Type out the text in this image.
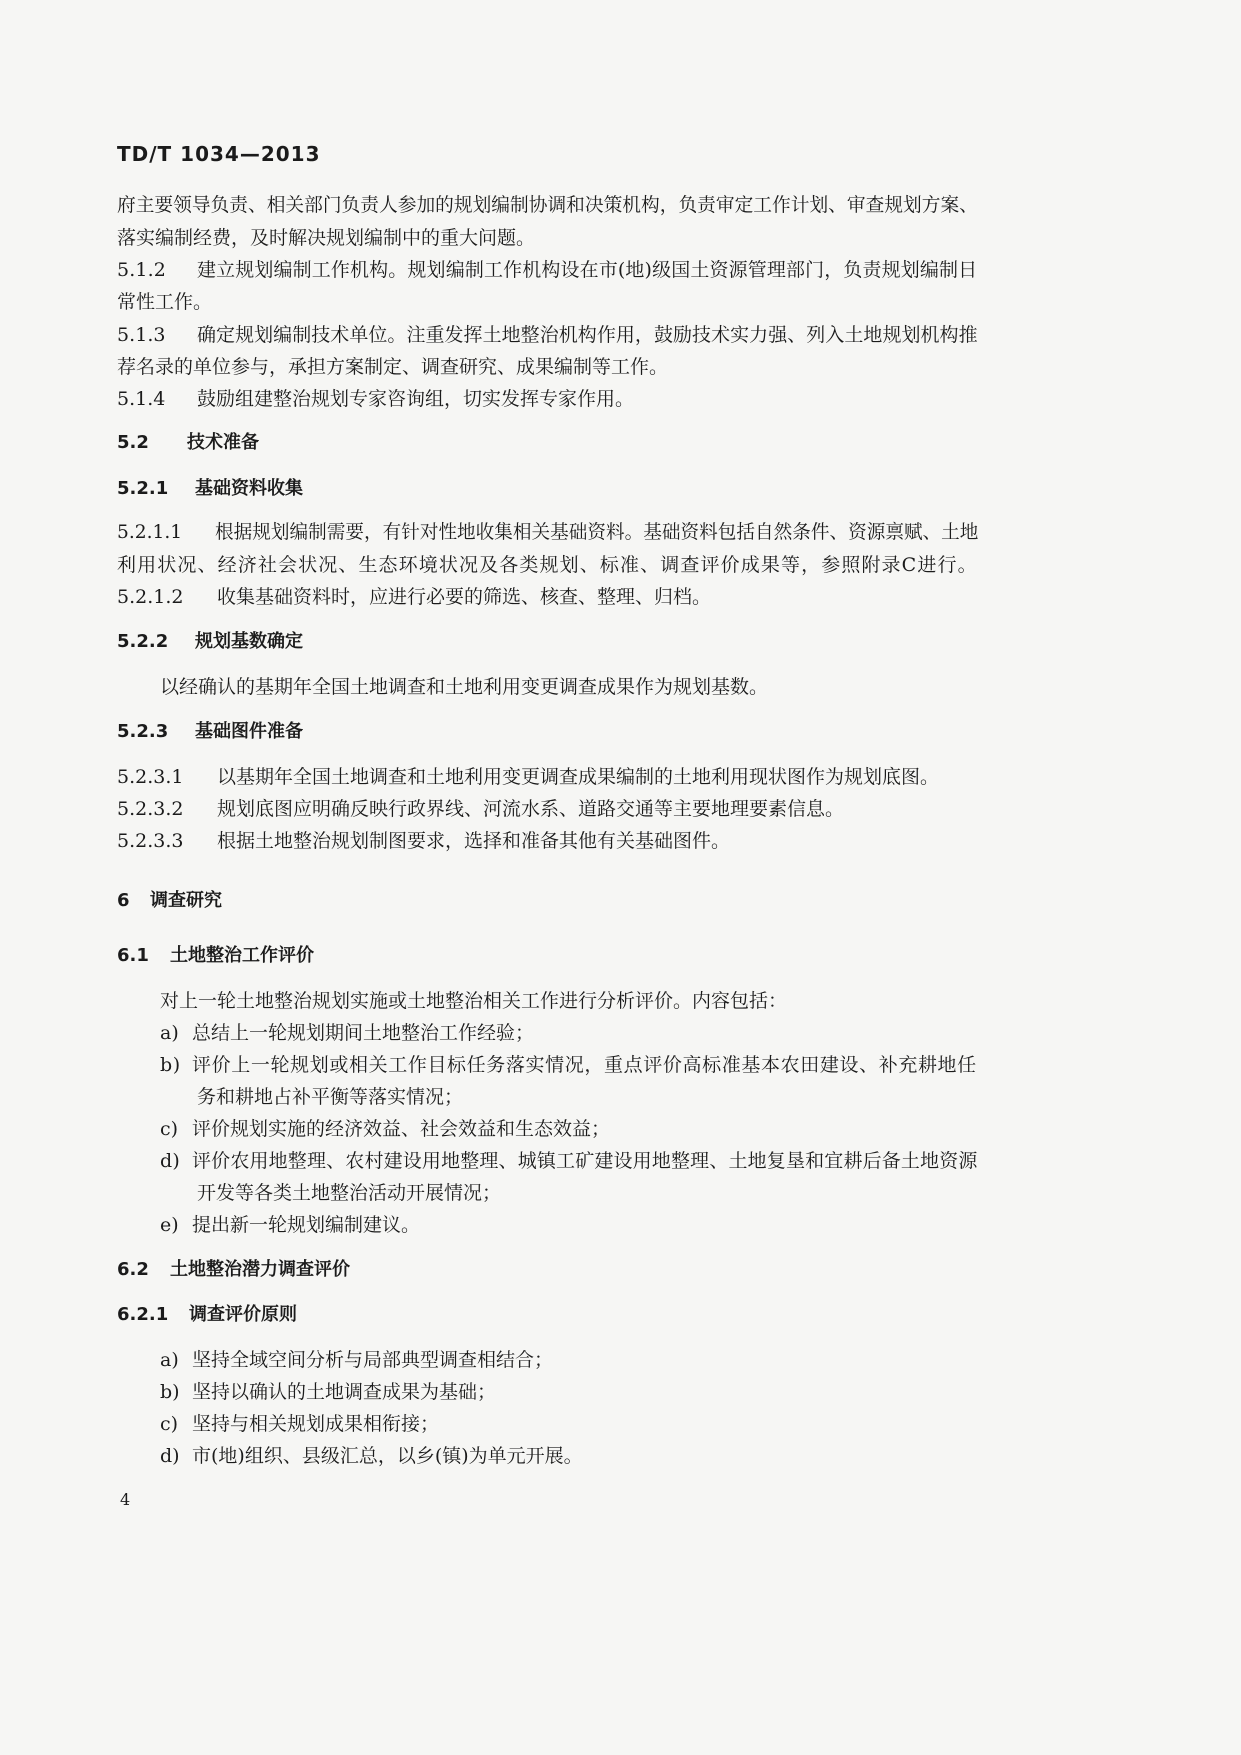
TD/T 1034—2013
府主要领导负责、相关部门负责人参加的规划编制协调和决策机构，负责审定工作计划、审查规划方案、
落实编制经费，及时解决规划编制中的重大问题。
5.1.2 建立规划编制工作机构。规划编制工作机构设在市(地)级国土资源管理部门，负责规划编制日
常性工作。
5.1.3 确定规划编制技术单位。注重发挥土地整治机构作用，鼓励技术实力强、列入土地规划机构推
荐名录的单位参与，承担方案制定、调查研究、成果编制等工作。
5.1.4 鼓励组建整治规划专家咨询组，切实发挥专家作用。
5.2 技术准备
5.2.1 基础资料收集
5.2.1.1 根据规划编制需要，有针对性地收集相关基础资料。基础资料包括自然条件、资源禀赋、土地
利用状况、经济社会状况、生态环境状况及各类规划、标准、调查评价成果等，参照附录C进行。
5.2.1.2 收集基础资料时，应进行必要的筛选、核查、整理、归档。
5.2.2 规划基数确定
以经确认的基期年全国土地调查和土地利用变更调查成果作为规划基数。
5.2.3 基础图件准备
5.2.3.1 以基期年全国土地调查和土地利用变更调查成果编制的土地利用现状图作为规划底图。
5.2.3.2 规划底图应明确反映行政界线、河流水系、道路交通等主要地理要素信息。
5.2.3.3 根据土地整治规划制图要求，选择和准备其他有关基础图件。
6 调查研究
6.1 土地整治工作评价
对上一轮土地整治规划实施或土地整治相关工作进行分析评价。内容包括：
a) 总结上一轮规划期间土地整治工作经验；
b) 评价上一轮规划或相关工作目标任务落实情况，重点评价高标准基本农田建设、补充耕地任
务和耕地占补平衡等落实情况；
c) 评价规划实施的经济效益、社会效益和生态效益；
d) 评价农用地整理、农村建设用地整理、城镇工矿建设用地整理、土地复垦和宜耕后备土地资源
开发等各类土地整治活动开展情况；
e) 提出新一轮规划编制建议。
6.2 土地整治潜力调查评价
6.2.1 调查评价原则
a) 坚持全域空间分析与局部典型调查相结合；
b) 坚持以确认的土地调查成果为基础；
c) 坚持与相关规划成果相衔接；
d) 市(地)组织、县级汇总，以乡(镇)为单元开展。
4
